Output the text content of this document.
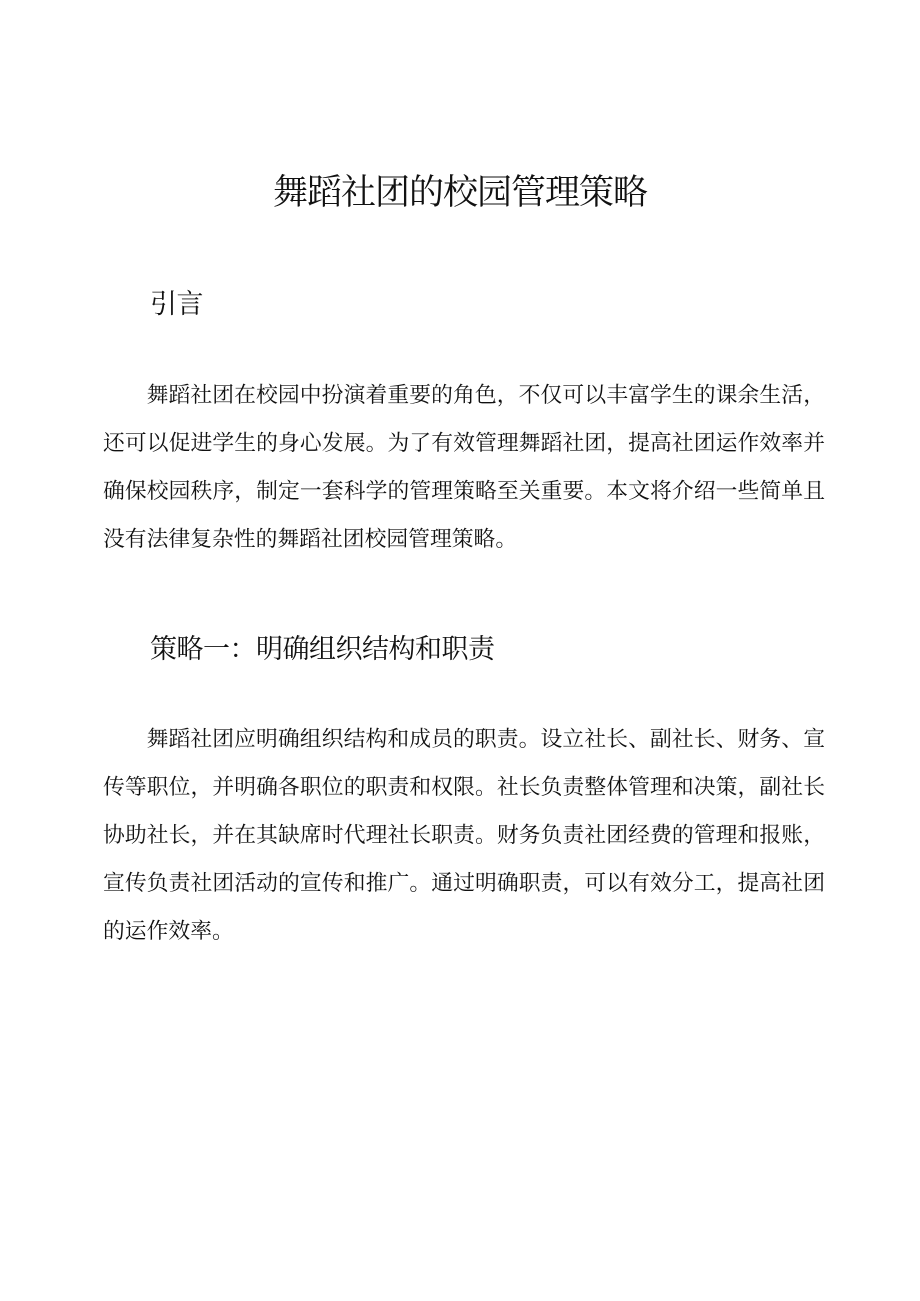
舞蹈社团的校园管理策略
引言

舞蹈社团在校园中扮演着重要的角色，不仅可以丰富学生的课余生活，还可以促进学生的身心发展。为了有效管理舞蹈社团，提高社团运作效率并确保校园秩序，制定一套科学的管理策略至关重要。本文将介绍一些简单且没有法律复杂性的舞蹈社团校园管理策略。

策略一：明确组织结构和职责

舞蹈社团应明确组织结构和成员的职责。设立社长、副社长、财务、宣传等职位，并明确各职位的职责和权限。社长负责整体管理和决策，副社长协助社长，并在其缺席时代理社长职责。财务负责社团经费的管理和报账，宣传负责社团活动的宣传和推广。通过明确职责，可以有效分工，提高社团的运作效率。
